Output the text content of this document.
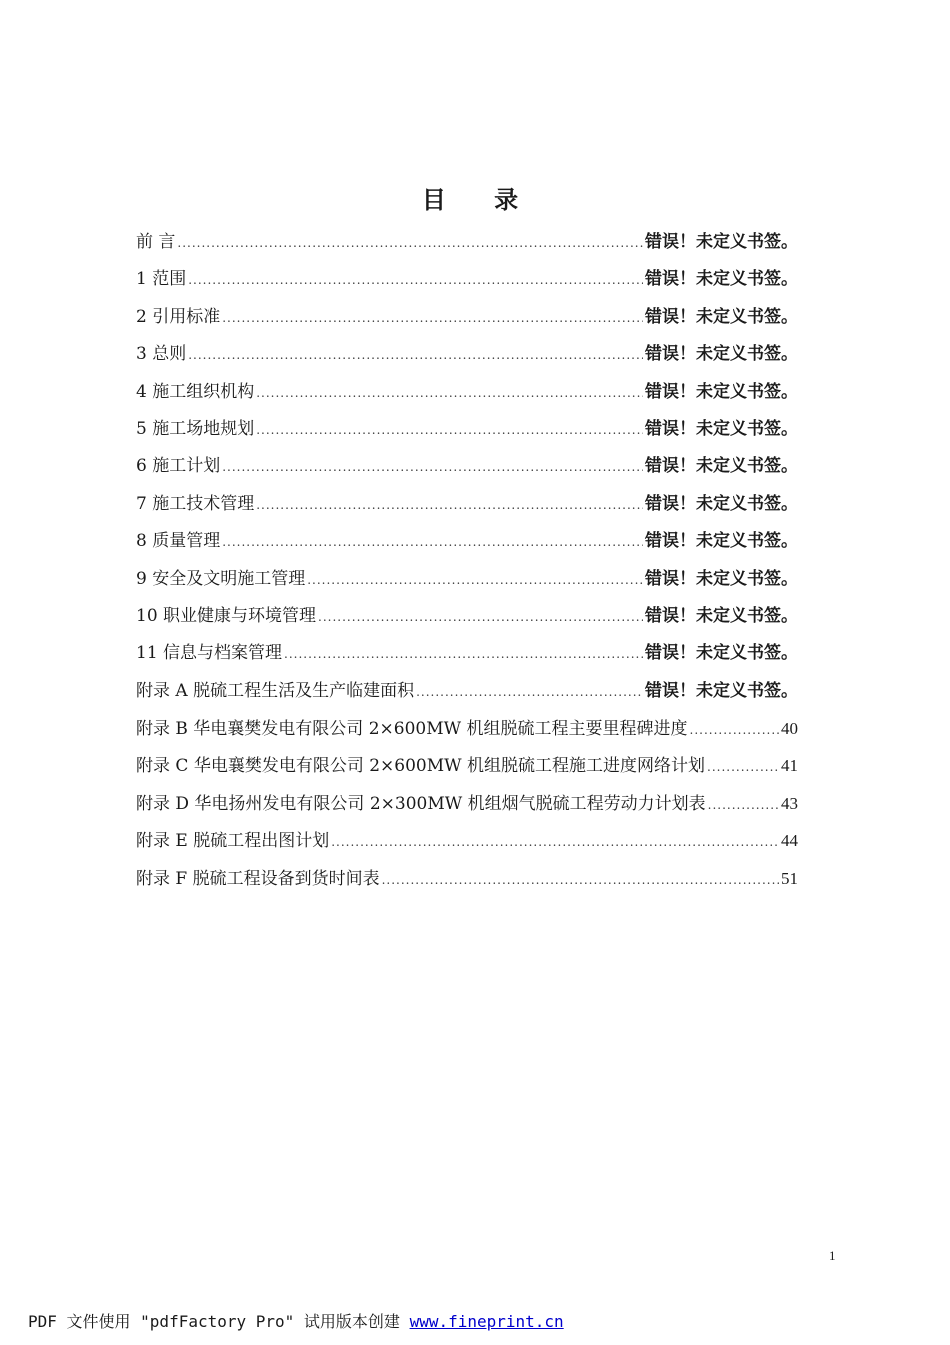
目 录
前 言 .....	错误！未定义书签。
1 范围 .....	错误！未定义书签。
2 引用标准 .....	错误！未定义书签。
3 总则 .....	错误！未定义书签。
4 施工组织机构 .....	错误！未定义书签。
5 施工场地规划 .....	错误！未定义书签。
6 施工计划 .....	错误！未定义书签。
7 施工技术管理 .....	错误！未定义书签。
8 质量管理 .....	错误！未定义书签。
9 安全及文明施工管理 .....	错误！未定义书签。
10 职业健康与环境管理 .....	错误！未定义书签。
11 信息与档案管理 .....	错误！未定义书签。
附录 A 脱硫工程生活及生产临建面积 .....	错误！未定义书签。
附录 B 华电襄樊发电有限公司 2×600MW 机组脱硫工程主要里程碑进度 .....	40
附录 C 华电襄樊发电有限公司 2×600MW 机组脱硫工程施工进度网络计划 .....	41
附录 D 华电扬州发电有限公司 2×300MW 机组烟气脱硫工程劳动力计划表 .....	43
附录 E 脱硫工程出图计划 .....	44
附录 F 脱硫工程设备到货时间表 .....	51
1
PDF 文件使用 "pdfFactory Pro" 试用版本创建 www.fineprint.cn
